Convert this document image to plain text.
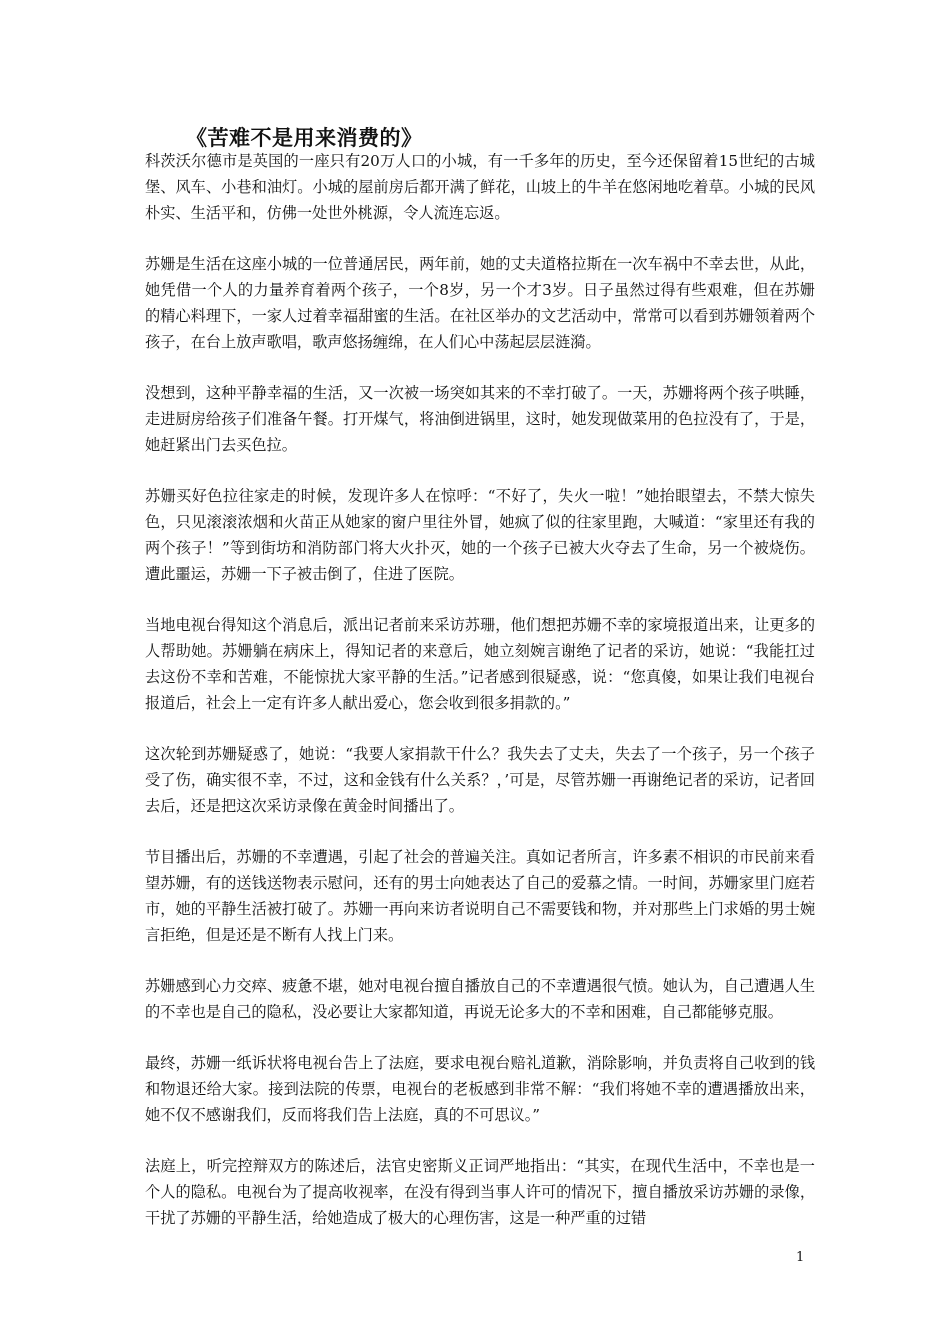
《苦难不是用来消费的》

科茨沃尔德市是英国的一座只有20万人口的小城，有一千多年的历史，至今还保留着15世纪的古城堡、风车、小巷和油灯。小城的屋前房后都开满了鲜花，山坡上的牛羊在悠闲地吃着草。小城的民风朴实、生活平和，仿佛一处世外桃源，令人流连忘返。

苏姗是生活在这座小城的一位普通居民，两年前，她的丈夫道格拉斯在一次车祸中不幸去世，从此，她凭借一个人的力量养育着两个孩子，一个8岁，另一个才3岁。日子虽然过得有些艰难，但在苏姗的精心料理下，一家人过着幸福甜蜜的生活。在社区举办的文艺活动中，常常可以看到苏姗领着两个孩子，在台上放声歌唱，歌声悠扬缠绵，在人们心中荡起层层涟漪。

没想到，这种平静幸福的生活，又一次被一场突如其来的不幸打破了。一天，苏姗将两个孩子哄睡，走进厨房给孩子们准备午餐。打开煤气，将油倒进锅里，这时，她发现做菜用的色拉没有了，于是，她赶紧出门去买色拉。

苏姗买好色拉往家走的时候，发现许多人在惊呼：“不好了，失火一啦！”她抬眼望去，不禁大惊失色，只见滚滚浓烟和火苗正从她家的窗户里往外冒，她疯了似的往家里跑，大喊道：“家里还有我的两个孩子！”等到街坊和消防部门将大火扑灭，她的一个孩子已被大火夺去了生命，另一个被烧伤。遭此噩运，苏姗一下子被击倒了，住进了医院。

当地电视台得知这个消息后，派出记者前来采访苏珊，他们想把苏姗不幸的家境报道出来，让更多的人帮助她。苏姗躺在病床上，得知记者的来意后，她立刻婉言谢绝了记者的采访，她说：“我能扛过去这份不幸和苦难，不能惊扰大家平静的生活。”记者感到很疑惑，说：“您真傻，如果让我们电视台报道后，社会上一定有许多人献出爱心，您会收到很多捐款的。”

这次轮到苏姗疑惑了，她说：“我要人家捐款干什么？我失去了丈夫，失去了一个孩子，另一个孩子受了伤，确实很不幸，不过，这和金钱有什么关系？，’可是，尽管苏姗一再谢绝记者的采访，记者回去后，还是把这次采访录像在黄金时间播出了。

节目播出后，苏姗的不幸遭遇，引起了社会的普遍关注。真如记者所言，许多素不相识的市民前来看望苏姗，有的送钱送物表示慰问，还有的男士向她表达了自己的爱慕之情。一时间，苏姗家里门庭若市，她的平静生活被打破了。苏姗一再向来访者说明自己不需要钱和物，并对那些上门求婚的男士婉言拒绝，但是还是不断有人找上门来。

苏姗感到心力交瘁、疲惫不堪，她对电视台擅自播放自己的不幸遭遇很气愤。她认为，自己遭遇人生的不幸也是自己的隐私，没必要让大家都知道，再说无论多大的不幸和困难，自己都能够克服。

最终，苏姗一纸诉状将电视台告上了法庭，要求电视台赔礼道歉，消除影响，并负责将自己收到的钱和物退还给大家。接到法院的传票，电视台的老板感到非常不解：“我们将她不幸的遭遇播放出来，她不仅不感谢我们，反而将我们告上法庭，真的不可思议。”

法庭上，听完控辩双方的陈述后，法官史密斯义正词严地指出：“其实，在现代生活中，不幸也是一个人的隐私。电视台为了提高收视率，在没有得到当事人许可的情况下，擅自播放采访苏姗的录像，干扰了苏姗的平静生活，给她造成了极大的心理伤害，这是一种严重的过错

1
